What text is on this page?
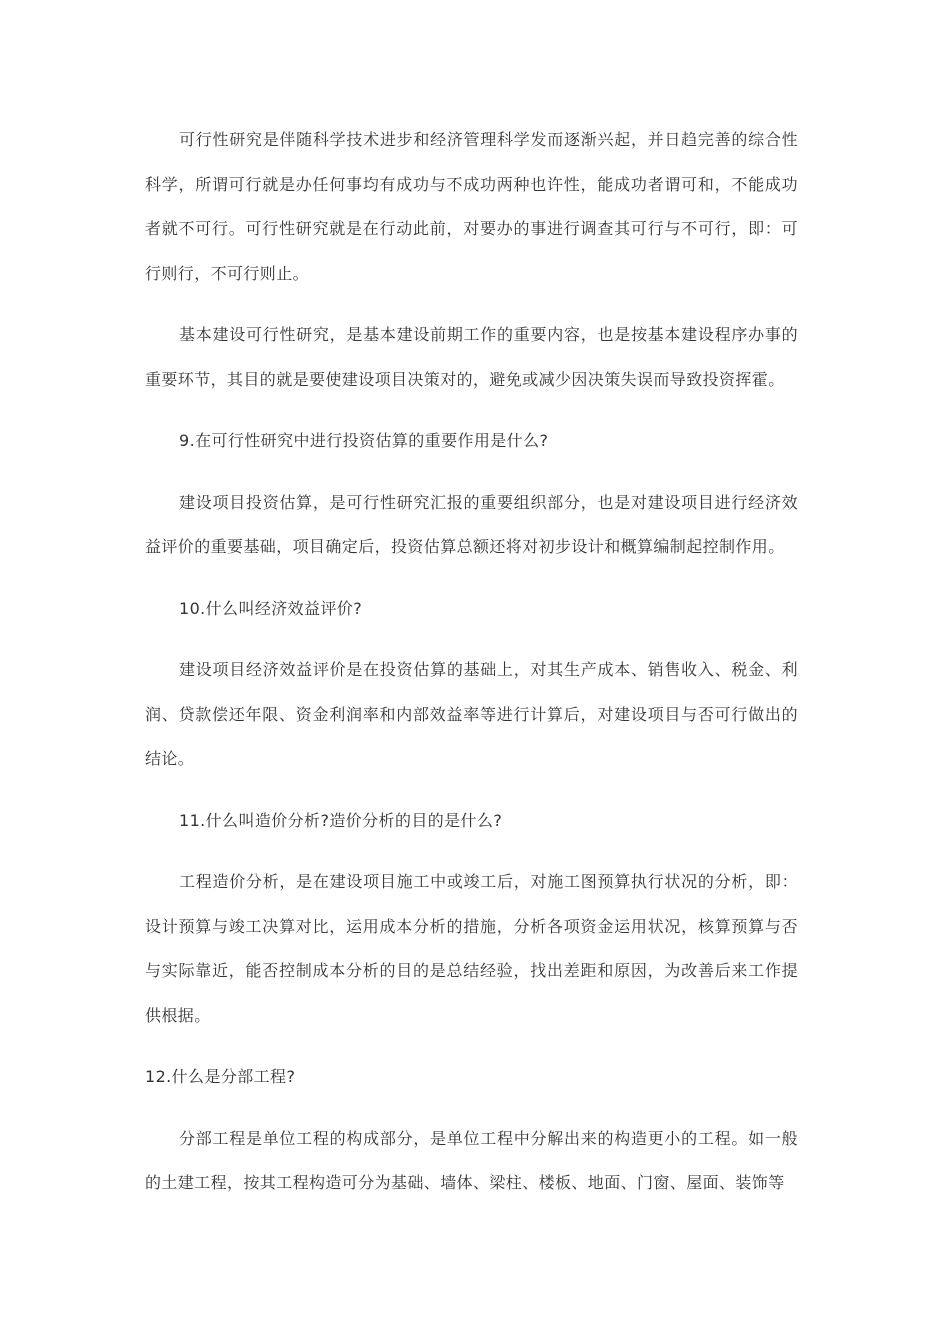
可行性研究是伴随科学技术进步和经济管理科学发而逐渐兴起，并日趋完善的综合性科学，所谓可行就是办任何事均有成功与不成功两种也许性，能成功者谓可和，不能成功者就不可行。可行性研究就是在行动此前，对要办的事进行调查其可行与不可行，即：可行则行，不可行则止。

基本建设可行性研究，是基本建设前期工作的重要内容，也是按基本建设程序办事的重要环节，其目的就是要使建设项目决策对的，避免或减少因决策失误而导致投资挥霍。

9.在可行性研究中进行投资估算的重要作用是什么?

建设项目投资估算，是可行性研究汇报的重要组织部分，也是对建设项目进行经济效益评价的重要基础，项目确定后，投资估算总额还将对初步设计和概算编制起控制作用。

10.什么叫经济效益评价?

建设项目经济效益评价是在投资估算的基础上，对其生产成本、销售收入、税金、利润、贷款偿还年限、资金利润率和内部效益率等进行计算后，对建设项目与否可行做出的结论。

11.什么叫造价分析?造价分析的目的是什么?

工程造价分析，是在建设项目施工中或竣工后，对施工图预算执行状况的分析，即：设计预算与竣工决算对比，运用成本分析的措施，分析各项资金运用状况，核算预算与否与实际靠近，能否控制成本分析的目的是总结经验，找出差距和原因，为改善后来工作提供根据。

12.什么是分部工程?

分部工程是单位工程的构成部分，是单位工程中分解出来的构造更小的工程。如一般的土建工程，按其工程构造可分为基础、墙体、梁柱、楼板、地面、门窗、屋面、装饰等
